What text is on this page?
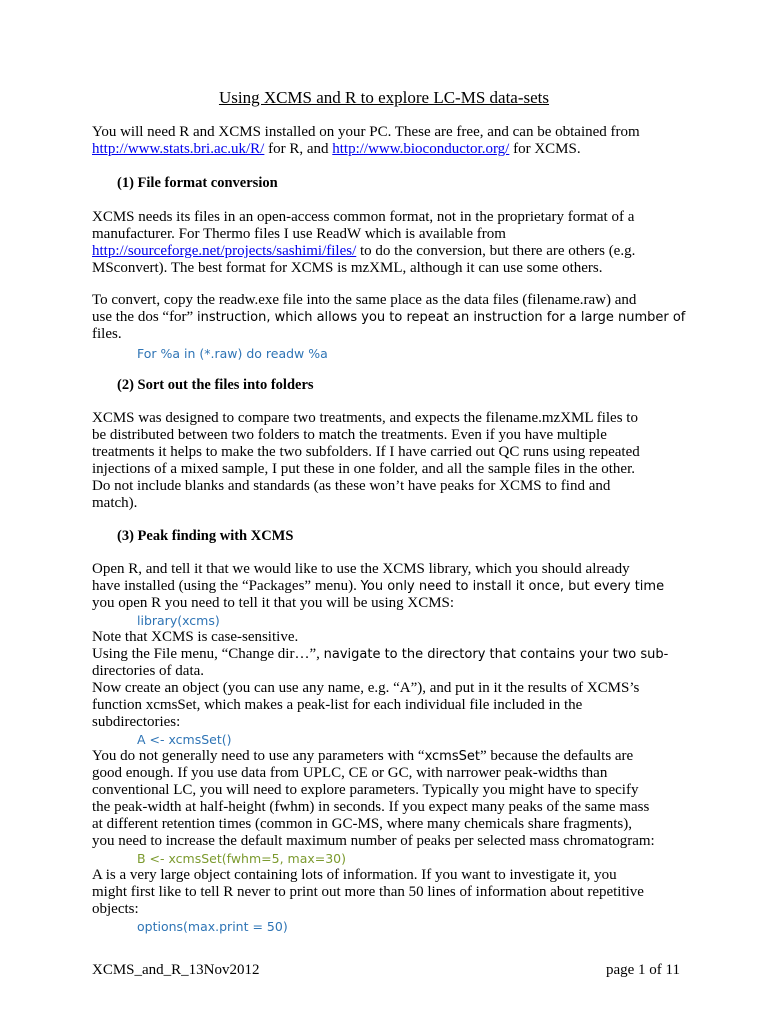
Using XCMS and R to explore LC-MS data-sets
You will need R and XCMS installed on your PC. These are free, and can be obtained from
http://www.stats.bri.ac.uk/R/ for R, and http://www.bioconductor.org/ for XCMS.
(1) File format conversion
XCMS needs its files in an open-access common format, not in the proprietary format of a
manufacturer. For Thermo files I use ReadW which is available from
http://sourceforge.net/projects/sashimi/files/ to do the conversion, but there are others (e.g.
MSconvert). The best format for XCMS is mzXML, although it can use some others.
To convert, copy the readw.exe file into the same place as the data files (filename.raw) and
use the dos “for” instruction, which allows you to repeat an instruction for a large number of
files.
For %a in (*.raw) do readw %a
(2) Sort out the files into folders
XCMS was designed to compare two treatments, and expects the filename.mzXML files to
be distributed between two folders to match the treatments. Even if you have multiple
treatments it helps to make the two subfolders. If I have carried out QC runs using repeated
injections of a mixed sample, I put these in one folder, and all the sample files in the other.
Do not include blanks and standards (as these won’t have peaks for XCMS to find and
match).
(3) Peak finding with XCMS
Open R, and tell it that we would like to use the XCMS library, which you should already
have installed (using the “Packages” menu). You only need to install it once, but every time
you open R you need to tell it that you will be using XCMS:
library(xcms)
Note that XCMS is case-sensitive.
Using the File menu, “Change dir…”, navigate to the directory that contains your two sub-
directories of data.
Now create an object (you can use any name, e.g. “A”), and put in it the results of XCMS’s
function xcmsSet, which makes a peak-list for each individual file included in the
subdirectories:
A <- xcmsSet()
You do not generally need to use any parameters with “xcmsSet” because the defaults are
good enough. If you use data from UPLC, CE or GC, with narrower peak-widths than
conventional LC, you will need to explore parameters. Typically you might have to specify
the peak-width at half-height (fwhm) in seconds. If you expect many peaks of the same mass
at different retention times (common in GC-MS, where many chemicals share fragments),
you need to increase the default maximum number of peaks per selected mass chromatogram:
B <- xcmsSet(fwhm=5, max=30)
A is a very large object containing lots of information. If you want to investigate it, you
might first like to tell R never to print out more than 50 lines of information about repetitive
objects:
options(max.print = 50)
XCMS_and_R_13Nov2012	page 1 of 11
